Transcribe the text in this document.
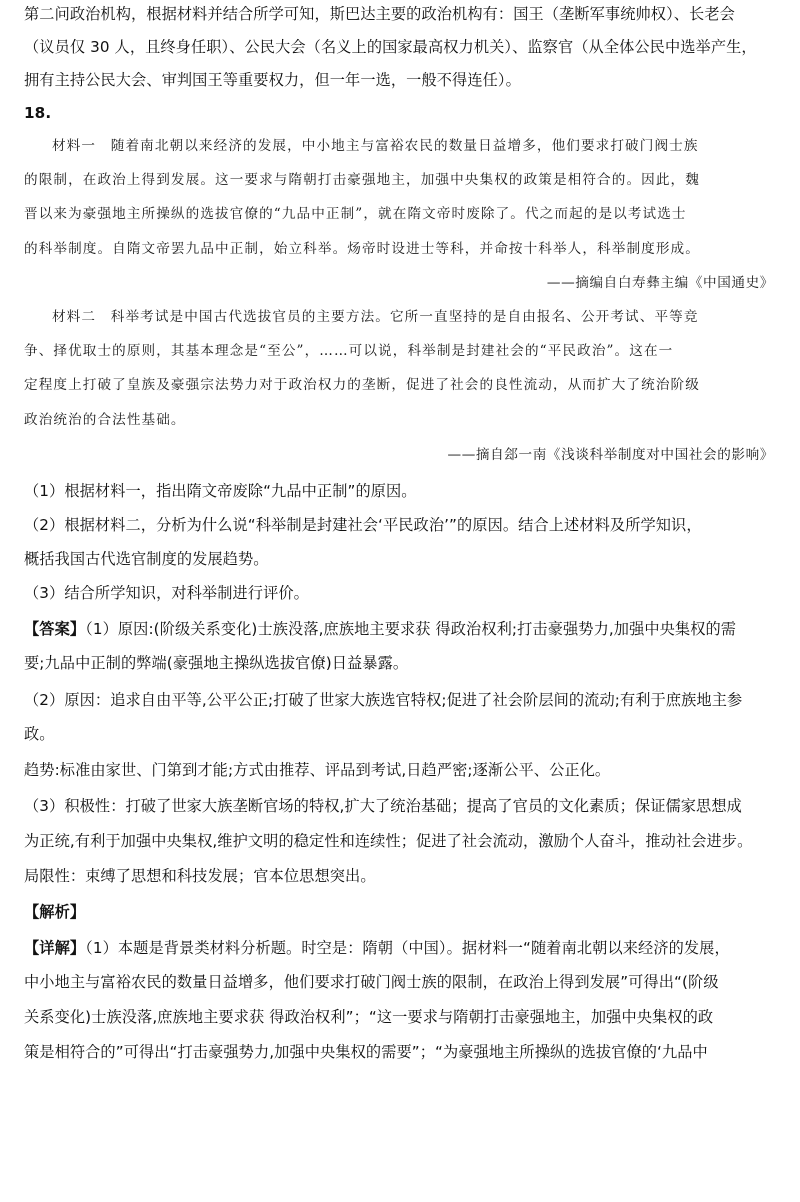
第二问政治机构，根据材料并结合所学可知，斯巴达主要的政治机构有：国王（垄断军事统帅权）、长老会
（议员仅 30 人，且终身任职）、公民大会（名义上的国家最高权力机关）、监察官（从全体公民中选举产生，
拥有主持公民大会、审判国王等重要权力，但一年一选，一般不得连任）。
18.
材料一　随着南北朝以来经济的发展，中小地主与富裕农民的数量日益增多，他们要求打破门阀士族
的限制，在政治上得到发展。这一要求与隋朝打击豪强地主，加强中央集权的政策是相符合的。因此，魏
晋以来为豪强地主所操纵的选拔官僚的“九品中正制”，就在隋文帝时废除了。代之而起的是以考试选士
的科举制度。自隋文帝罢九品中正制，始立科举。炀帝时设进士等科，并命按十科举人，科举制度形成。
——摘编自白寿彝主编《中国通史》
材料二　科举考试是中国古代选拔官员的主要方法。它所一直坚持的是自由报名、公开考试、平等竞
争、择优取士的原则，其基本理念是“至公”，……可以说，科举制是封建社会的“平民政治”。这在一
定程度上打破了皇族及豪强宗法势力对于政治权力的垄断，促进了社会的良性流动，从而扩大了统治阶级
政治统治的合法性基础。
——摘自郐一南《浅谈科举制度对中国社会的影响》
（1）根据材料一，指出隋文帝废除“九品中正制”的原因。
（2）根据材料二，分析为什么说“科举制是封建社会‘平民政治’”的原因。结合上述材料及所学知识，
概括我国古代选官制度的发展趋势。
（3）结合所学知识，对科举制进行评价。
【答案】（1）原因:(阶级关系变化)士族没落,庶族地主要求获 得政治权利;打击豪强势力,加强中央集权的需
要;九品中正制的弊端(豪强地主操纵选拔官僚)日益暴露。
（2）原因：追求自由平等,公平公正;打破了世家大族选官特权;促进了社会阶层间的流动;有利于庶族地主参
政。
趋势:标准由家世、门第到才能;方式由推荐、评品到考试,日趋严密;逐渐公平、公正化。
（3）积极性：打破了世家大族垄断官场的特权,扩大了统治基础；提高了官员的文化素质；保证儒家思想成
为正统,有利于加强中央集权,维护文明的稳定性和连续性；促进了社会流动，激励个人奋斗，推动社会进步。
局限性：束缚了思想和科技发展；官本位思想突出。
【解析】
【详解】（1）本题是背景类材料分析题。时空是：隋朝（中国）。据材料一“随着南北朝以来经济的发展，
中小地主与富裕农民的数量日益增多，他们要求打破门阀士族的限制，在政治上得到发展”可得出“(阶级
关系变化)士族没落,庶族地主要求获 得政治权利”；“这一要求与隋朝打击豪强地主，加强中央集权的政
策是相符合的”可得出“打击豪强势力,加强中央集权的需要”；“为豪强地主所操纵的选拔官僚的‘九品中
